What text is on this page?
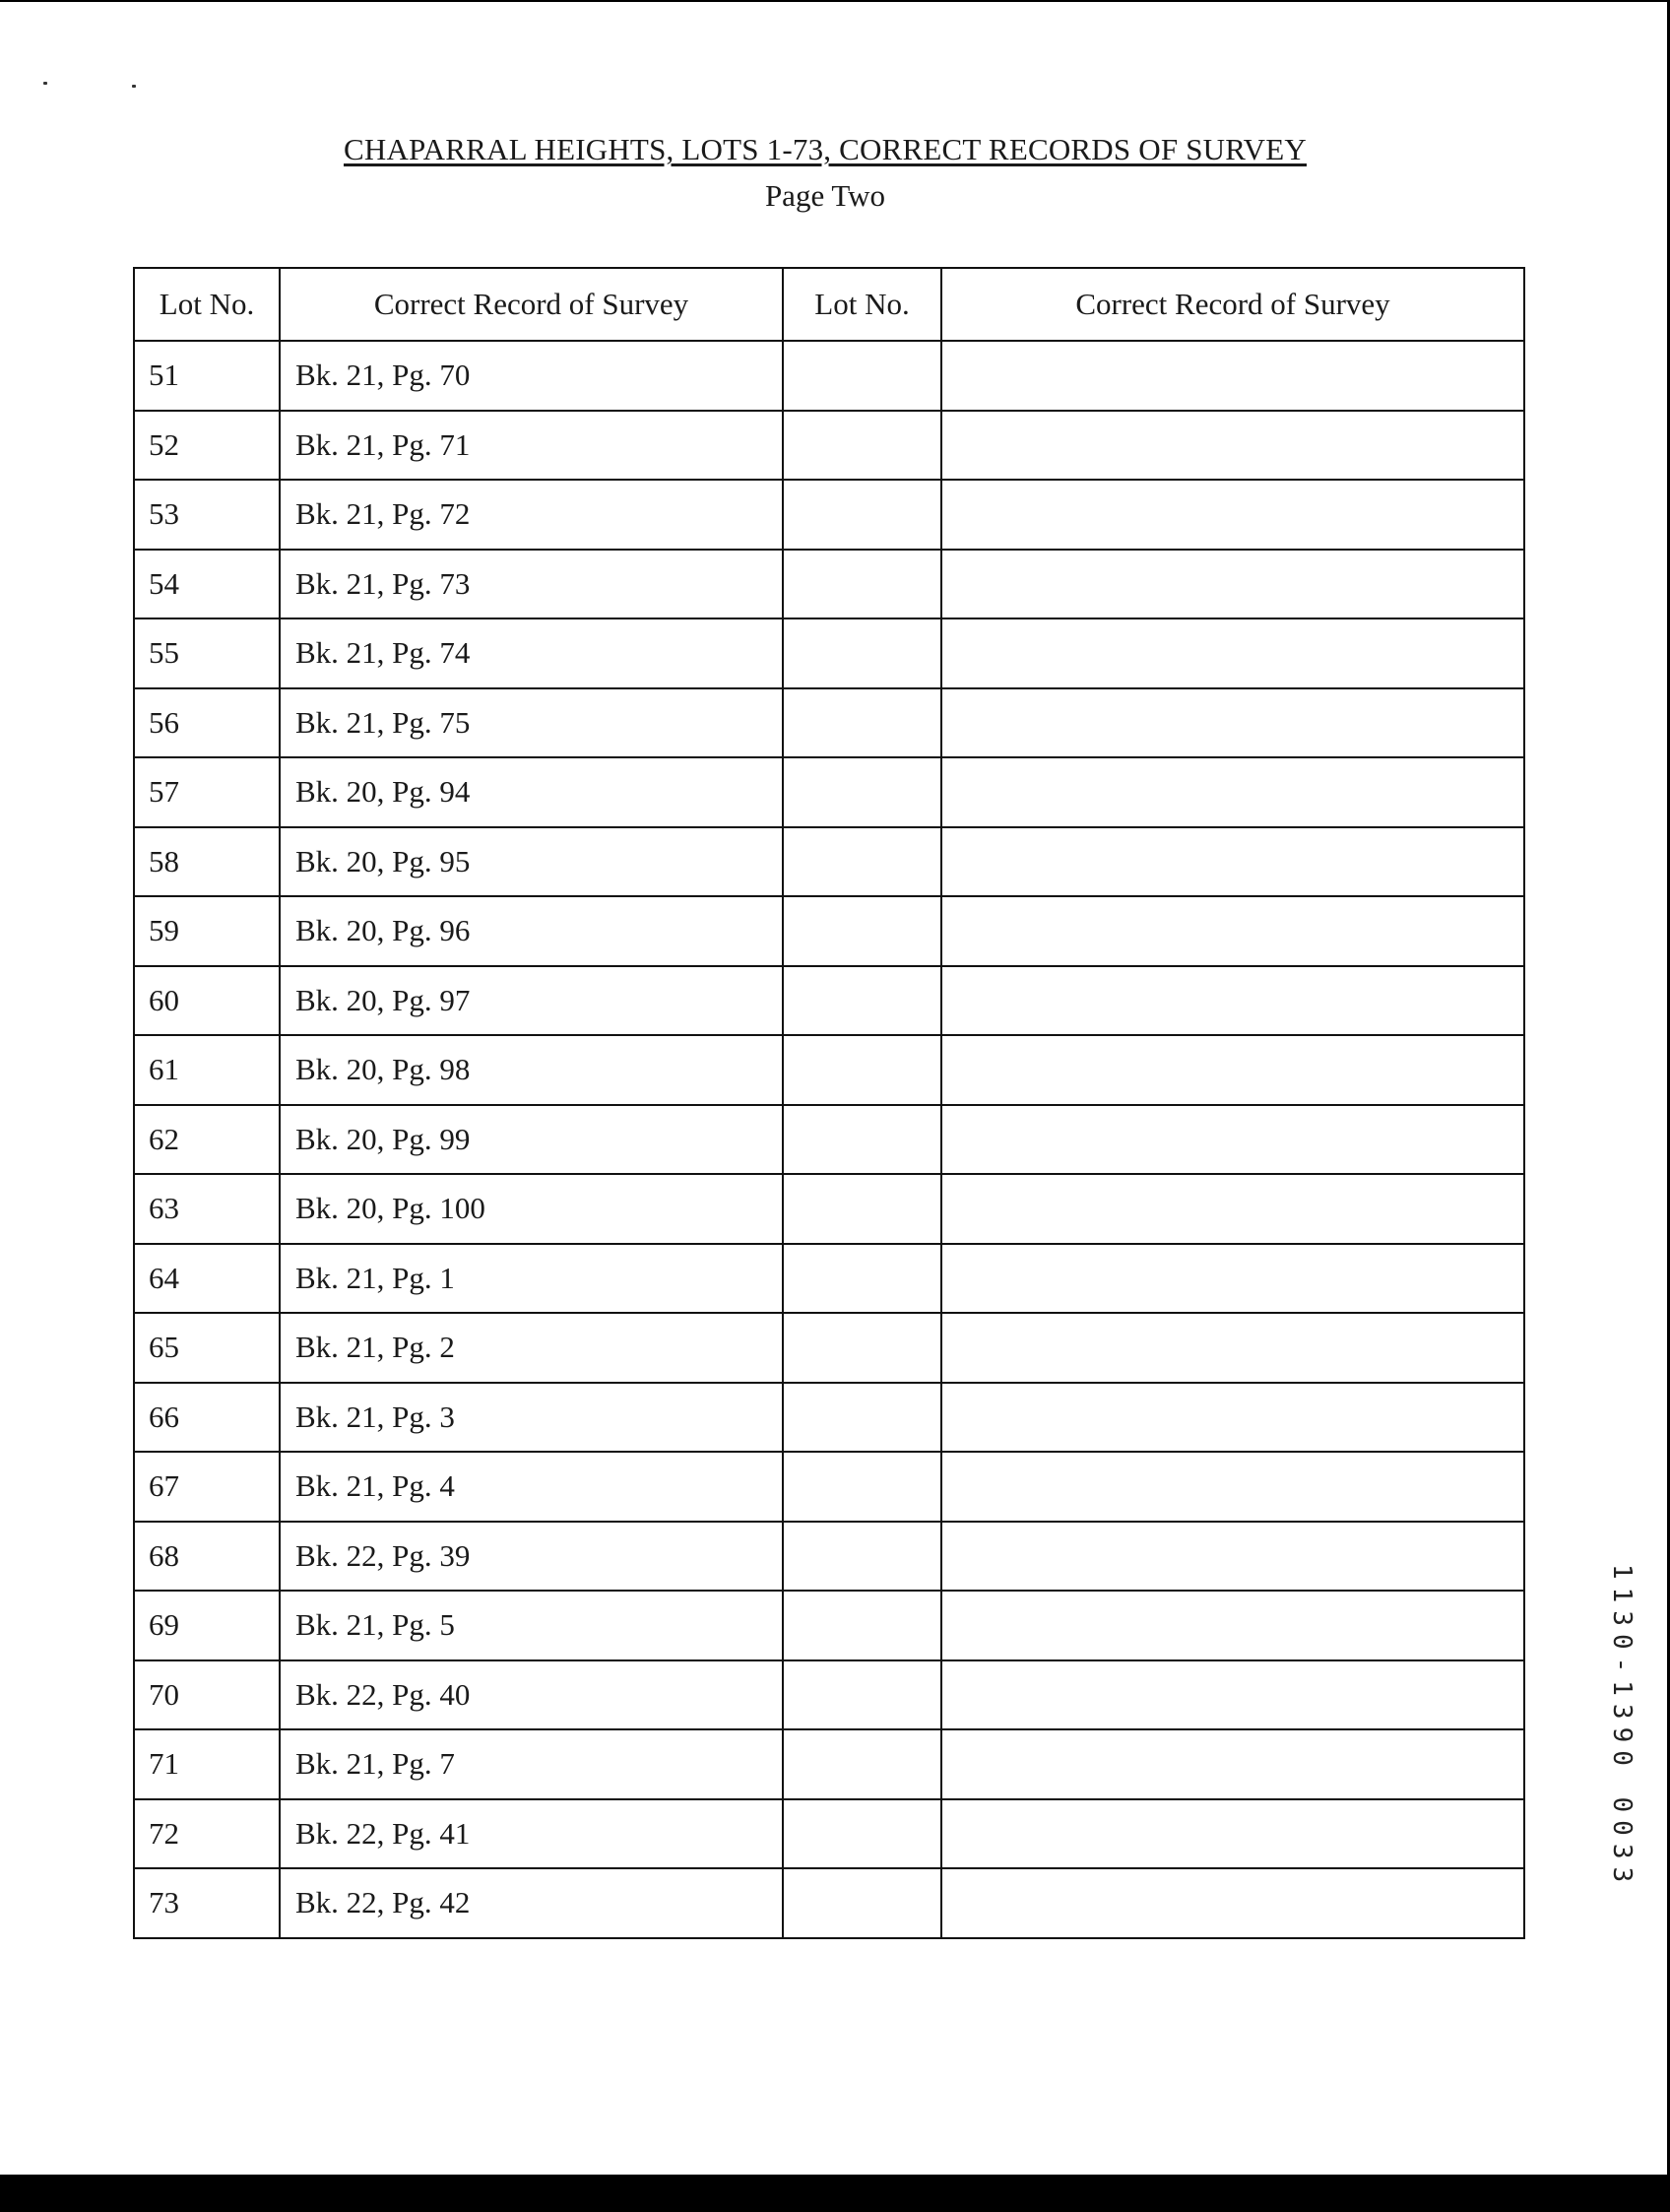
CHAPARRAL HEIGHTS, LOTS 1-73, CORRECT RECORDS OF SURVEY
Page Two
Lot No.	Correct Record of Survey	Lot No.	Correct Record of Survey
51	Bk. 21, Pg. 70		
52	Bk. 21, Pg. 71		
53	Bk. 21, Pg. 72		
54	Bk. 21, Pg. 73		
55	Bk. 21, Pg. 74		
56	Bk. 21, Pg. 75		
57	Bk. 20, Pg. 94		
58	Bk. 20, Pg. 95		
59	Bk. 20, Pg. 96		
60	Bk. 20, Pg. 97		
61	Bk. 20, Pg. 98		
62	Bk. 20, Pg. 99		
63	Bk. 20, Pg. 100		
64	Bk. 21, Pg. 1		
65	Bk. 21, Pg. 2		
66	Bk. 21, Pg. 3		
67	Bk. 21, Pg. 4		
68	Bk. 22, Pg. 39		
69	Bk. 21, Pg. 5		
70	Bk. 22, Pg. 40		
71	Bk. 21, Pg. 7		
72	Bk. 22, Pg. 41		
73	Bk. 22, Pg. 42		
1130-1390 0033
